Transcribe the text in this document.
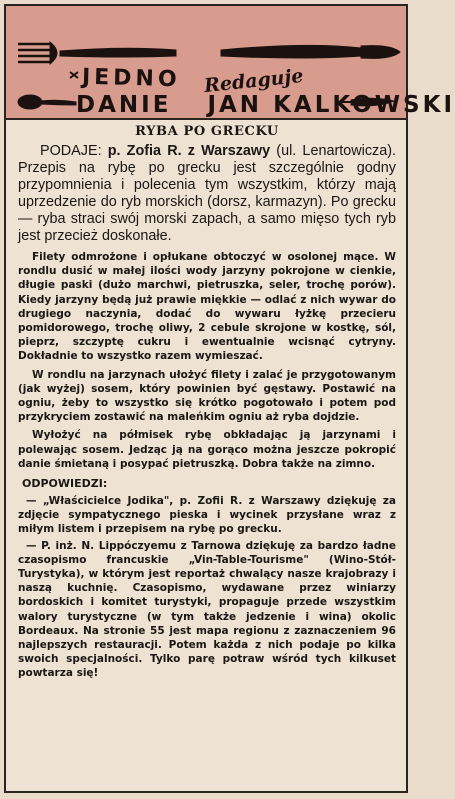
JEDNO Redaguje
DANIE JAN KALKOWSKI
RYBA PO GRECKU

PODAJE: p. Zofia R. z Warszawy (ul. Lenartowicza). Przepis na rybę po grecku jest szczególnie godny przypomnienia i polecenia tym wszystkim, którzy mają uprzedzenie do ryb morskich (dorsz, karmazyn). Po grecku — ryba straci swój morski zapach, a samo mięso tych ryb jest przecież doskonałe.

Filety odmrożone i opłukane obtoczyć w osolonej mące. W rondlu dusić w małej ilości wody jarzyny pokrojone w cienkie, długie paski (dużo marchwi, pietruszka, seler, trochę porów). Kiedy jarzyny będą już prawie miękkie — odlać z nich wywar do drugiego naczynia, dodać do wywaru łyżkę przecieru pomidorowego, trochę oliwy, 2 cebule skrojone w kostkę, sól, pieprz, szczyptę cukru i ewentualnie wcisnąć cytryny. Dokładnie to wszystko razem wymieszać.

W rondlu na jarzynach ułożyć filety i zalać je przygotowanym (jak wyżej) sosem, który powinien być gęstawy. Postawić na ogniu, żeby to wszystko się krótko pogotowało i potem pod przykryciem zostawić na maleńkim ogniu aż ryba dojdzie.

Wyłożyć na półmisek rybę obkładając ją jarzynami i polewając sosem. Jedząc ją na gorąco można jeszcze pokropić danie śmietaną i posypać pietruszką. Dobra także na zimno.

ODPOWIEDZI:

— „Właścicielce Jodika", p. Zofii R. z Warszawy dziękuję za zdjęcie sympatycznego pieska i wycinek przysłane wraz z miłym listem i przepisem na rybę po grecku.

— P. inż. N. Lippóczyemu z Tarnowa dziękuję za bardzo ładne czasopismo francuskie „Vin-Table-Tourisme" (Wino-Stół-Turystyka), w którym jest reportaż chwalący nasze krajobrazy i naszą kuchnię. Czasopismo, wydawane przez winiarzy bordoskich i komitet turystyki, propaguje przede wszystkim walory turystyczne (w tym także jedzenie i wina) okolic Bordeaux. Na stronie 55 jest mapa regionu z zaznaczeniem 96 najlepszych restauracji. Potem każda z nich podaje po kilka swoich specjalności. Tylko parę potraw wśród tych kilkuset powtarza się!
